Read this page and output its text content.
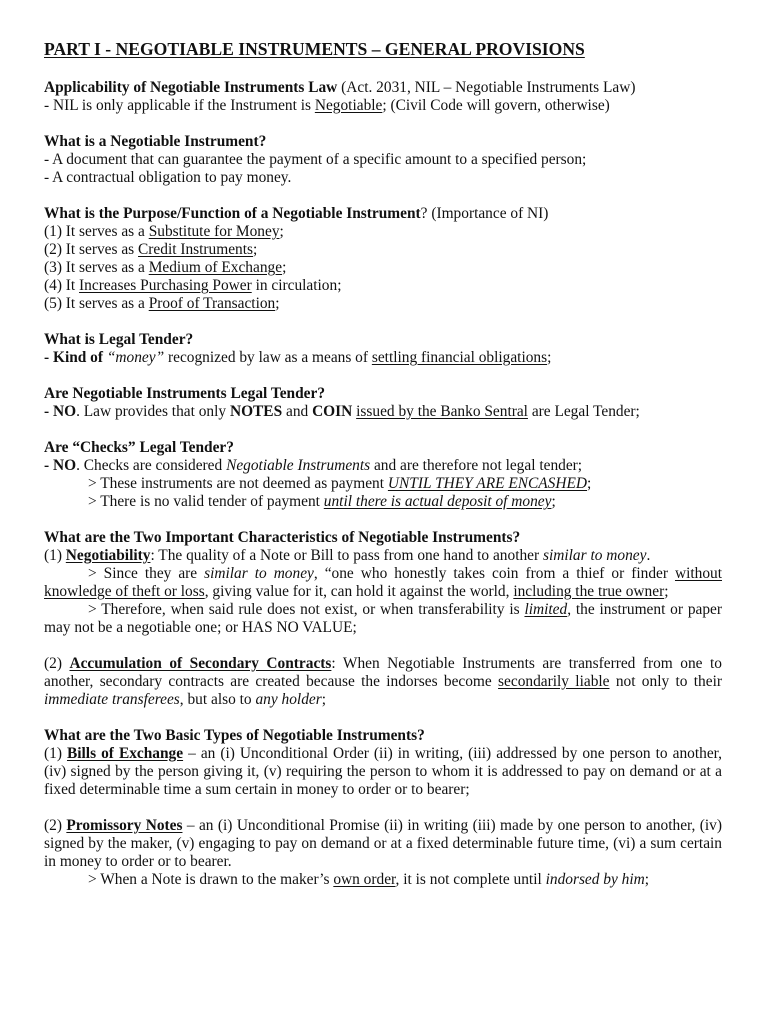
PART I - NEGOTIABLE INSTRUMENTS – GENERAL PROVISIONS

Applicability of Negotiable Instruments Law (Act. 2031, NIL – Negotiable Instruments Law)

- NIL is only applicable if the Instrument is Negotiable; (Civil Code will govern, otherwise)

What is a Negotiable Instrument?

- A document that can guarantee the payment of a specific amount to a specified person;

- A contractual obligation to pay money.

What is the Purpose/Function of a Negotiable Instrument? (Importance of NI)

(1) It serves as a Substitute for Money;

(2) It serves as Credit Instruments;

(3) It serves as a Medium of Exchange;

(4) It Increases Purchasing Power in circulation;

(5) It serves as a Proof of Transaction;

What is Legal Tender?

- Kind of “money” recognized by law as a means of settling financial obligations;

Are Negotiable Instruments Legal Tender?

- NO. Law provides that only NOTES and COIN issued by the Banko Sentral are Legal Tender;

Are “Checks” Legal Tender?

- NO. Checks are considered Negotiable Instruments and are therefore not legal tender;

> These instruments are not deemed as payment UNTIL THEY ARE ENCASHED;

> There is no valid tender of payment until there is actual deposit of money;

What are the Two Important Characteristics of Negotiable Instruments?

(1) Negotiability: The quality of a Note or Bill to pass from one hand to another similar to money.

> Since they are similar to money, “one who honestly takes coin from a thief or finder without knowledge of theft or loss, giving value for it, can hold it against the world, including the true owner;

> Therefore, when said rule does not exist, or when transferability is limited, the instrument or paper may not be a negotiable one; or HAS NO VALUE;

(2) Accumulation of Secondary Contracts: When Negotiable Instruments are transferred from one to another, secondary contracts are created because the indorses become secondarily liable not only to their immediate transferees, but also to any holder;

What are the Two Basic Types of Negotiable Instruments?

(1) Bills of Exchange – an (i) Unconditional Order (ii) in writing, (iii) addressed by one person to another, (iv) signed by the person giving it, (v) requiring the person to whom it is addressed to pay on demand or at a fixed determinable time a sum certain in money to order or to bearer;

(2) Promissory Notes – an (i) Unconditional Promise (ii) in writing (iii) made by one person to another, (iv) signed by the maker, (v) engaging to pay on demand or at a fixed determinable future time, (vi) a sum certain in money to order or to bearer.

> When a Note is drawn to the maker’s own order, it is not complete until indorsed by him;
